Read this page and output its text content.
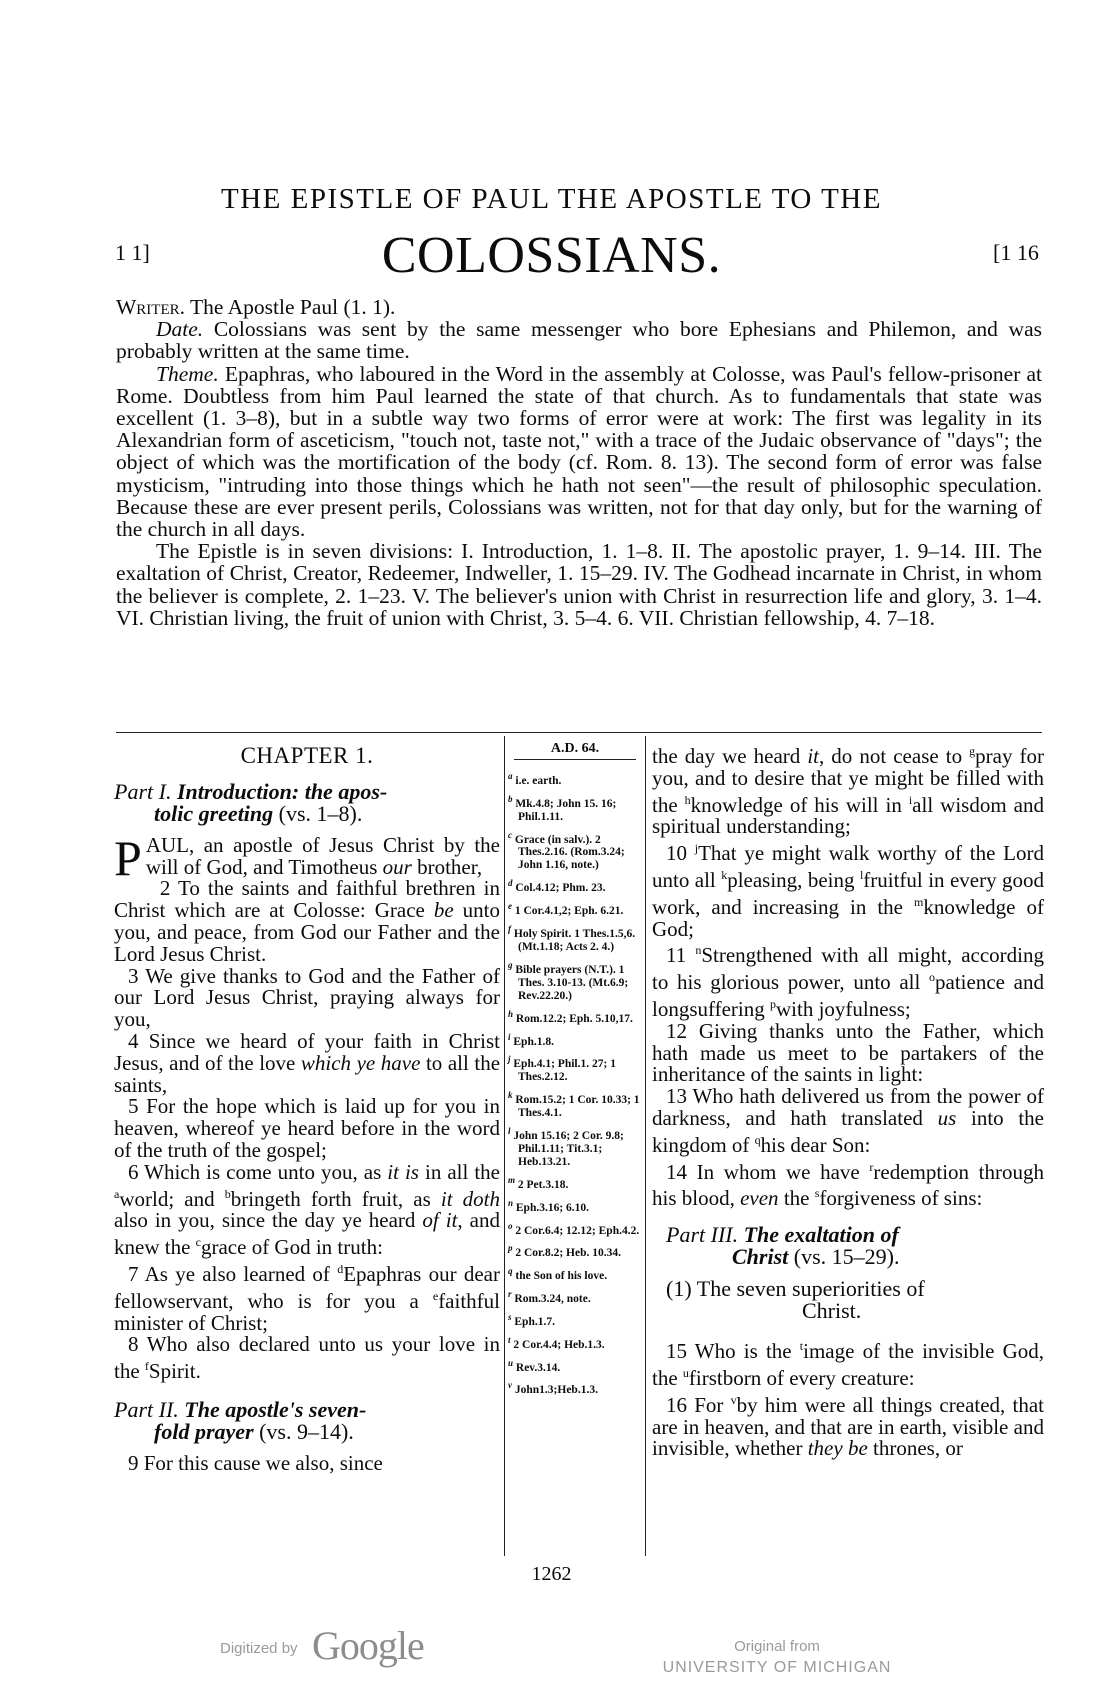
THE EPISTLE OF PAUL THE APOSTLE TO THE
1 1]	COLOSSIANS.	[1 16

Writer. The Apostle Paul (1. 1).

Date. Colossians was sent by the same messenger who bore Ephesians and Philemon, and was probably written at the same time.

Theme. Epaphras, who laboured in the Word in the assembly at Colosse, was Paul's fellow-prisoner at Rome. Doubtless from him Paul learned the state of that church. As to fundamentals that state was excellent (1. 3–8), but in a subtle way two forms of error were at work: The first was legality in its Alexandrian form of asceticism, "touch not, taste not," with a trace of the Judaic observance of "days"; the object of which was the mortification of the body (cf. Rom. 8. 13). The second form of error was false mysticism, "intruding into those things which he hath not seen"—the result of philosophic speculation. Because these are ever present perils, Colossians was written, not for that day only, but for the warning of the church in all days.

The Epistle is in seven divisions: I. Introduction, 1. 1–8. II. The apostolic prayer, 1. 9–14. III. The exaltation of Christ, Creator, Redeemer, Indweller, 1. 15–29. IV. The Godhead incarnate in Christ, in whom the believer is complete, 2. 1–23. V. The believer's union with Christ in resurrection life and glory, 3. 1–4. VI. Christian living, the fruit of union with Christ, 3. 5–4. 6. VII. Christian fellowship, 4. 7–18.

CHAPTER 1.
Part I. Introduction: the apos-
tolic greeting (vs. 1–8).

PAUL, an apostle of Jesus Christ by the will of God, and Timotheus our brother,

2 To the saints and faithful brethren in Christ which are at Colosse: Grace be unto you, and peace, from God our Father and the Lord Jesus Christ.

3 We give thanks to God and the Father of our Lord Jesus Christ, praying always for you,

4 Since we heard of your faith in Christ Jesus, and of the love which ye have to all the saints,

5 For the hope which is laid up for you in heaven, whereof ye heard before in the word of the truth of the gospel;

6 Which is come unto you, as it is in all the $^a$world; and $^b$bringeth forth fruit, as it doth also in you, since the day ye heard of it, and knew the $^c$grace of God in truth:

7 As ye also learned of $^d$Epaphras our dear fellowservant, who is for you a $^e$faithful minister of Christ;

8 Who also declared unto us your love in the $^f$Spirit.

Part II. The apostle's seven-
fold prayer (vs. 9–14).

9 For this cause we also, since

A.D. 64.
$^a$ i.e. earth.
$^b$ Mk.4.8; John 15. 16; Phil.1.11.
$^c$ Grace (in salv.). 2 Thes.2.16. (Rom.3.24; John 1.16, note.)
$^d$ Col.4.12; Phm. 23.
$^e$ 1 Cor.4.1,2; Eph. 6.21.
$^f$ Holy Spirit. 1 Thes.1.5,6. (Mt.1.18; Acts 2. 4.)
$^g$ Bible prayers (N.T.). 1 Thes. 3.10-13. (Mt.6.9; Rev.22.20.)
$^h$ Rom.12.2; Eph. 5.10,17.
$^i$ Eph.1.8.
$^j$ Eph.4.1; Phil.1. 27; 1 Thes.2.12.
$^k$ Rom.15.2; 1 Cor. 10.33; 1 Thes.4.1.
$^l$ John 15.16; 2 Cor. 9.8; Phil.1.11; Tit.3.1; Heb.13.21.
$^m$ 2 Pet.3.18.
$^n$ Eph.3.16; 6.10.
$^o$ 2 Cor.6.4; 12.12; Eph.4.2.
$^p$ 2 Cor.8.2; Heb. 10.34.
$^q$ the Son of his love.
$^r$ Rom.3.24, note.
$^s$ Eph.1.7.
$^t$ 2 Cor.4.4; Heb.1.3.
$^u$ Rev.3.14.
$^v$ John1.3;Heb.1.3.

the day we heard it, do not cease to $^g$pray for you, and to desire that ye might be filled with the $^h$knowledge of his will in $^i$all wisdom and spiritual understanding;

10 $^j$That ye might walk worthy of the Lord unto all $^k$pleasing, being $^l$fruitful in every good work, and increasing in the $^m$knowledge of God;

11 $^n$Strengthened with all might, according to his glorious power, unto all $^o$patience and longsuffering $^p$with joyfulness;

12 Giving thanks unto the Father, which hath made us meet to be partakers of the inheritance of the saints in light:

13 Who hath delivered us from the power of darkness, and hath translated us into the kingdom of $^q$his dear Son:

14 In whom we have $^r$redemption through his blood, even the $^s$forgiveness of sins:

Part III. The exaltation of
Christ (vs. 15–29).
(1) The seven superiorities of
Christ.

15 Who is the $^t$image of the invisible God, the $^u$firstborn of every creature:

16 For $^v$by him were all things created, that are in heaven, and that are in earth, visible and invisible, whether they be thrones, or

1262
Digitized by Google	Original from
UNIVERSITY OF MICHIGAN
